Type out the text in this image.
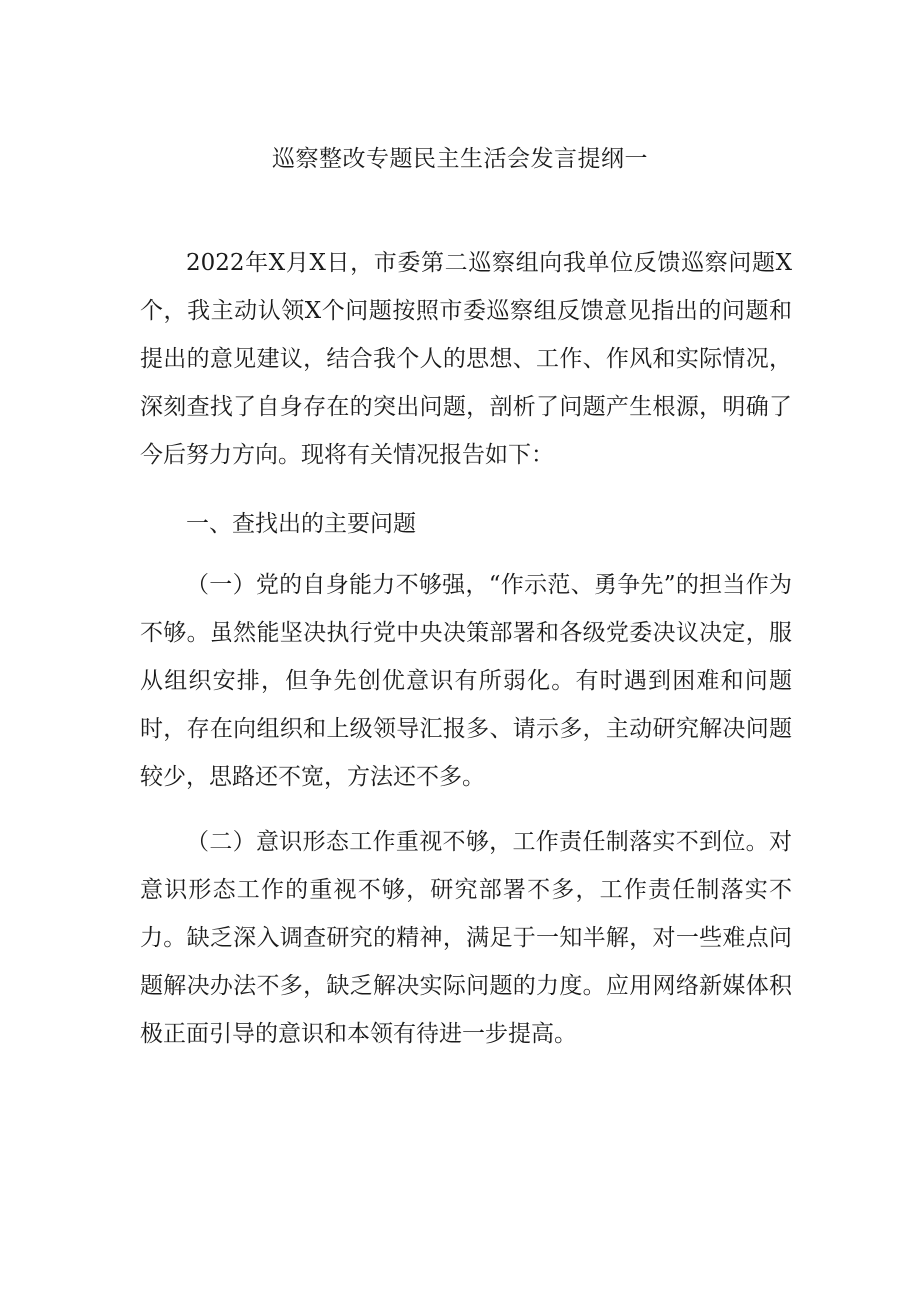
巡察整改专题民主生活会发言提纲一

2022年X月X日，市委第二巡察组向我单位反馈巡察问题X个，我主动认领X个问题按照市委巡察组反馈意见指出的问题和提出的意见建议，结合我个人的思想、工作、作风和实际情况，深刻查找了自身存在的突出问题，剖析了问题产生根源，明确了今后努力方向。现将有关情况报告如下：

一、查找出的主要问题

（一）党的自身能力不够强，“作示范、勇争先”的担当作为不够。虽然能坚决执行党中央决策部署和各级党委决议决定，服从组织安排，但争先创优意识有所弱化。有时遇到困难和问题时，存在向组织和上级领导汇报多、请示多，主动研究解决问题较少，思路还不宽，方法还不多。

（二）意识形态工作重视不够，工作责任制落实不到位。对意识形态工作的重视不够，研究部署不多，工作责任制落实不力。缺乏深入调查研究的精神，满足于一知半解，对一些难点问题解决办法不多，缺乏解决实际问题的力度。应用网络新媒体积极正面引导的意识和本领有待进一步提高。
